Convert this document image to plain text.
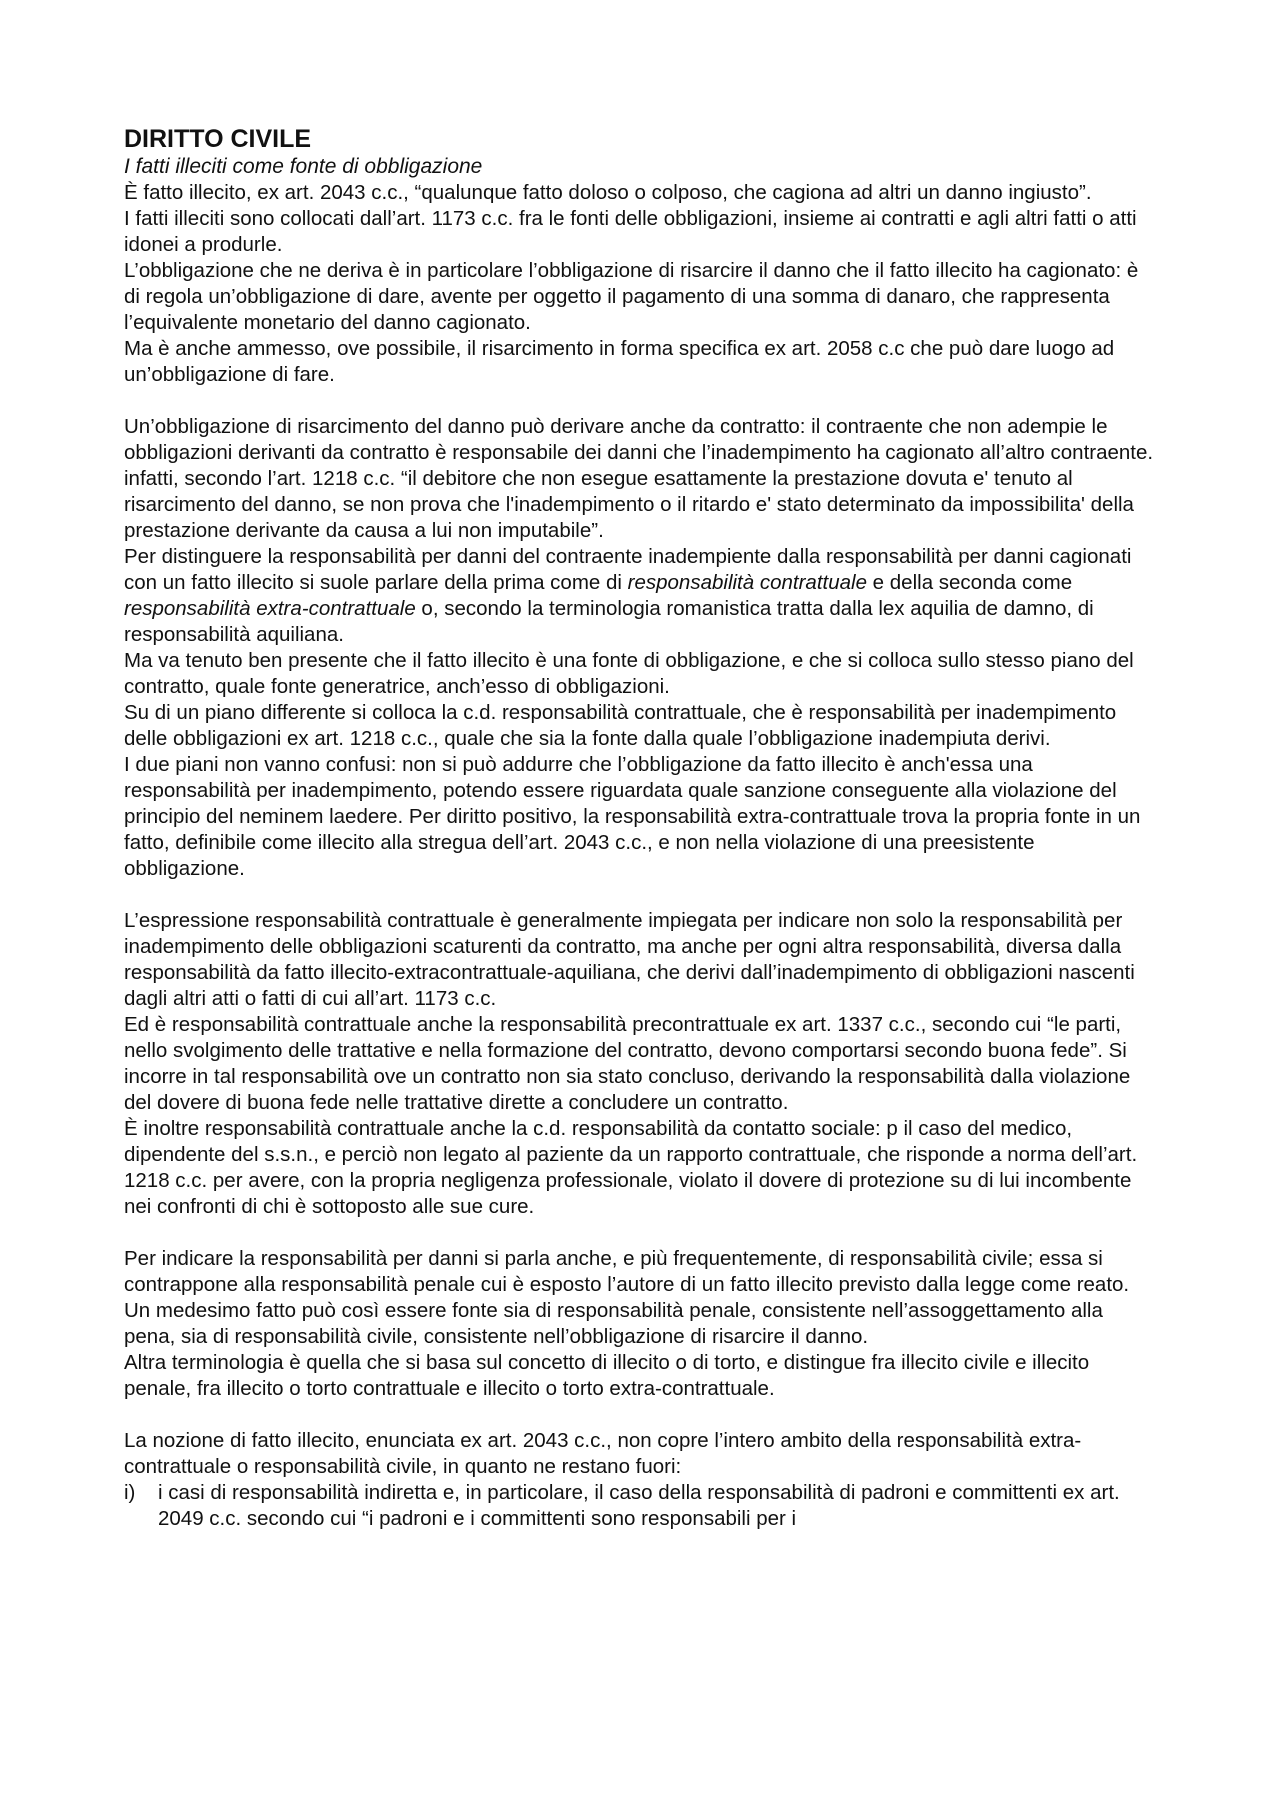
DIRITTO CIVILE

I fatti illeciti come fonte di obbligazione

È fatto illecito, ex art. 2043 c.c., “qualunque fatto doloso o colposo, che cagiona ad altri un danno ingiusto”.

I fatti illeciti sono collocati dall’art. 1173 c.c. fra le fonti delle obbligazioni, insieme ai contratti e agli altri fatti o atti idonei a produrle.

L’obbligazione che ne deriva è in particolare l’obbligazione di risarcire il danno che il fatto illecito ha cagionato: è di regola un’obbligazione di dare, avente per oggetto il pagamento di una somma di danaro, che rappresenta l’equivalente monetario del danno cagionato.

Ma è anche ammesso, ove possibile, il risarcimento in forma specifica ex art. 2058 c.c che può dare luogo ad un’obbligazione di fare.

Un’obbligazione di risarcimento del danno può derivare anche da contratto: il contraente che non adempie le obbligazioni derivanti da contratto è responsabile dei danni che l’inadempimento ha cagionato all’altro contraente. infatti, secondo l’art. 1218 c.c. “il debitore che non esegue esattamente la prestazione dovuta e' tenuto al risarcimento del danno, se non prova che l'inadempimento o il ritardo e' stato determinato da impossibilita' della prestazione derivante da causa a lui non imputabile”.

Per distinguere la responsabilità per danni del contraente inadempiente dalla responsabilità per danni cagionati con un fatto illecito si suole parlare della prima come di responsabilità contrattuale e della seconda come responsabilità extra-contrattuale o, secondo la terminologia romanistica tratta dalla lex aquilia de damno, di responsabilità aquiliana.

Ma va tenuto ben presente che il fatto illecito è una fonte di obbligazione, e che si colloca sullo stesso piano del contratto, quale fonte generatrice, anch’esso di obbligazioni.

Su di un piano differente si colloca la c.d. responsabilità contrattuale, che è responsabilità per inadempimento delle obbligazioni ex art. 1218 c.c., quale che sia la fonte dalla quale l’obbligazione inadempiuta derivi.

I due piani non vanno confusi: non si può addurre che l’obbligazione da fatto illecito è anch'essa una responsabilità per inadempimento, potendo essere riguardata quale sanzione conseguente alla violazione del principio del neminem laedere. Per diritto positivo, la responsabilità extra-contrattuale trova la propria fonte in un fatto, definibile come illecito alla stregua dell’art. 2043 c.c., e non nella violazione di una preesistente obbligazione.

L’espressione responsabilità contrattuale è generalmente impiegata per indicare non solo la responsabilità per inadempimento delle obbligazioni scaturenti da contratto, ma anche per ogni altra responsabilità, diversa dalla responsabilità da fatto illecito-extracontrattuale-aquiliana, che derivi dall’inadempimento di obbligazioni nascenti dagli altri atti o fatti di cui all’art. 1173 c.c.

Ed è responsabilità contrattuale anche la responsabilità precontrattuale ex art. 1337 c.c., secondo cui “le parti, nello svolgimento delle trattative e nella formazione del contratto, devono comportarsi secondo buona fede”. Si incorre in tal responsabilità ove un contratto non sia stato concluso, derivando la responsabilità dalla violazione del dovere di buona fede nelle trattative dirette a concludere un contratto.

È inoltre responsabilità contrattuale anche la c.d. responsabilità da contatto sociale: p il caso del medico, dipendente del s.s.n., e perciò non legato al paziente da un rapporto contrattuale, che risponde a norma dell’art. 1218 c.c. per avere, con la propria negligenza professionale, violato il dovere di protezione su di lui incombente nei confronti di chi è sottoposto alle sue cure.

Per indicare la responsabilità per danni si parla anche, e più frequentemente, di responsabilità civile; essa si contrappone alla responsabilità penale cui è esposto l’autore di un fatto illecito previsto dalla legge come reato.

Un medesimo fatto può così essere fonte sia di responsabilità penale, consistente nell’assoggettamento alla pena, sia di responsabilità civile, consistente nell’obbligazione di risarcire il danno.

Altra terminologia è quella che si basa sul concetto di illecito o di torto, e distingue fra illecito civile e illecito penale, fra illecito o torto contrattuale e illecito o torto extra-contrattuale.

La nozione di fatto illecito, enunciata ex art. 2043 c.c., non copre l’intero ambito della responsabilità extra-contrattuale o responsabilità civile, in quanto ne restano fuori:

i)	i casi di responsabilità indiretta e, in particolare, il caso della responsabilità di padroni e committenti ex art. 2049 c.c. secondo cui “i padroni e i committenti sono responsabili per i
